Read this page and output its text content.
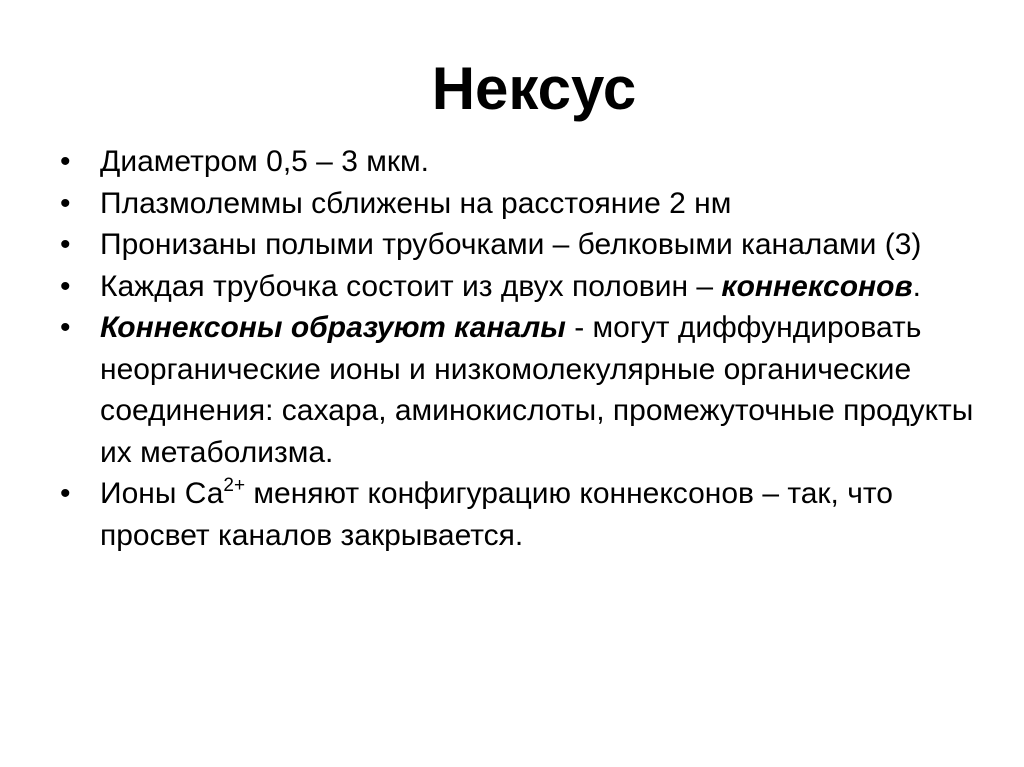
Нексус
• Диаметром 0,5 – 3 мкм.
• Плазмолеммы сближены на расстояние 2 нм
• Пронизаны полыми трубочками – белковыми каналами (3)
• Каждая трубочка состоит из двух половин – коннексонов.
• Коннексоны образуют каналы - могут диффундировать неорганические ионы и низкомолекулярные органические соединения: сахара, аминокислоты, промежуточные продукты их метаболизма.
• Ионы $Са^{2+}$ меняют конфигурацию коннексонов – так, что просвет каналов закрывается.
